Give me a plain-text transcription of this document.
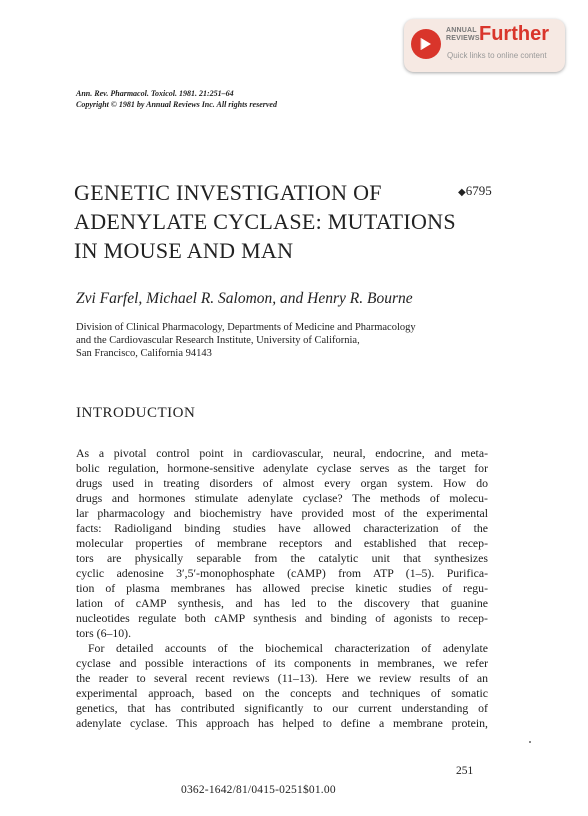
ANNUAL
REVIEWS Further
Quick links to online content
Ann. Rev. Pharmacol. Toxicol. 1981. 21:251–64
Copyright © 1981 by Annual Reviews Inc. All rights reserved
GENETIC INVESTIGATION OF
ADENYLATE CYCLASE: MUTATIONS
IN MOUSE AND MAN
◆6795
Zvi Farfel, Michael R. Salomon, and Henry R. Bourne
Division of Clinical Pharmacology, Departments of Medicine and Pharmacology
and the Cardiovascular Research Institute, University of California,
San Francisco, California 94143
INTRODUCTION
As a pivotal control point in cardiovascular, neural, endocrine, and meta-
bolic regulation, hormone-sensitive adenylate cyclase serves as the target for
drugs used in treating disorders of almost every organ system. How do
drugs and hormones stimulate adenylate cyclase? The methods of molecu-
lar pharmacology and biochemistry have provided most of the experimental
facts: Radioligand binding studies have allowed characterization of the
molecular properties of membrane receptors and established that recep-
tors are physically separable from the catalytic unit that synthesizes
cyclic adenosine 3′,5′-monophosphate (cAMP) from ATP (1–5). Purifica-
tion of plasma membranes has allowed precise kinetic studies of regu-
lation of cAMP synthesis, and has led to the discovery that guanine
nucleotides regulate both cAMP synthesis and binding of agonists to recep-
tors (6–10).
For detailed accounts of the biochemical characterization of adenylate
cyclase and possible interactions of its components in membranes, we refer
the reader to several recent reviews (11–13). Here we review results of an
experimental approach, based on the concepts and techniques of somatic
genetics, that has contributed significantly to our current understanding of
adenylate cyclase. This approach has helped to define a membrane protein,
251
0362-1642/81/0415-0251$01.00
